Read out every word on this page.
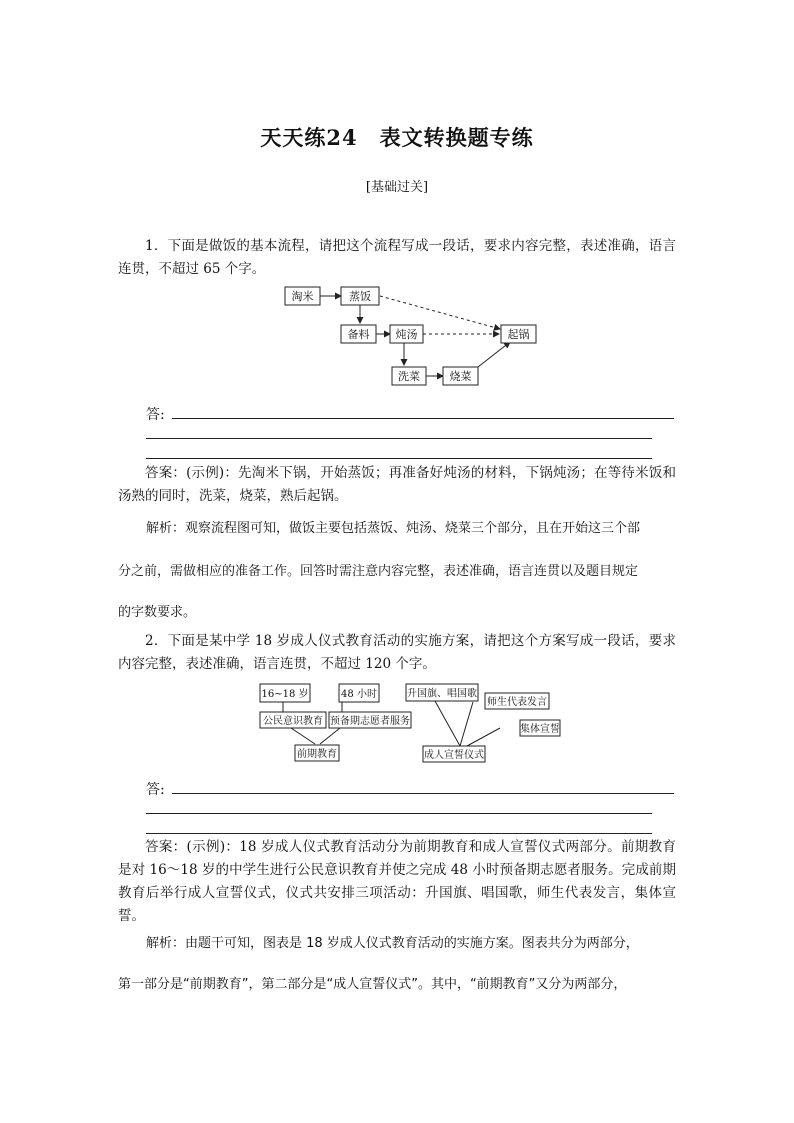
天天练24　表文转换题专练
[基础过关]
1．下面是做饭的基本流程，请把这个流程写成一段话，要求内容完整，表述准确，语言连贯，不超过 65 个字。
淘米	蒸饭
备料 炖汤
洗菜	烧菜
起锅
答:
答案：(示例)：先淘米下锅，开始蒸饭；再准备好炖汤的材料，下锅炖汤；在等待米饭和汤熟的同时，洗菜，烧菜，熟后起锅。
解析：观察流程图可知，做饭主要包括蒸饭、炖汤、烧菜三个部分，且在开始这三个部
分之前，需做相应的准备工作。回答时需注意内容完整，表述准确，语言连贯以及题目规定
的字数要求。
2．下面是某中学 18 岁成人仪式教育活动的实施方案，请把这个方案写成一段话，要求内容完整，表述准确，语言连贯，不超过 120 个字。
16~18 岁	48 小时
公民意识教育 预备期志愿者服务
前期教育
升国旗、唱国歌
师生代表发言
集体宣誓
成人宣誓仪式
答:
答案：(示例)：18 岁成人仪式教育活动分为前期教育和成人宣誓仪式两部分。前期教育是对 16～18 岁的中学生进行公民意识教育并使之完成 48 小时预备期志愿者服务。完成前期教育后举行成人宣誓仪式，仪式共安排三项活动：升国旗、唱国歌，师生代表发言，集体宣誓。
解析：由题干可知，图表是 18 岁成人仪式教育活动的实施方案。图表共分为两部分，
第一部分是“前期教育”，第二部分是“成人宣誓仪式”。其中，“前期教育”又分为两部分，
